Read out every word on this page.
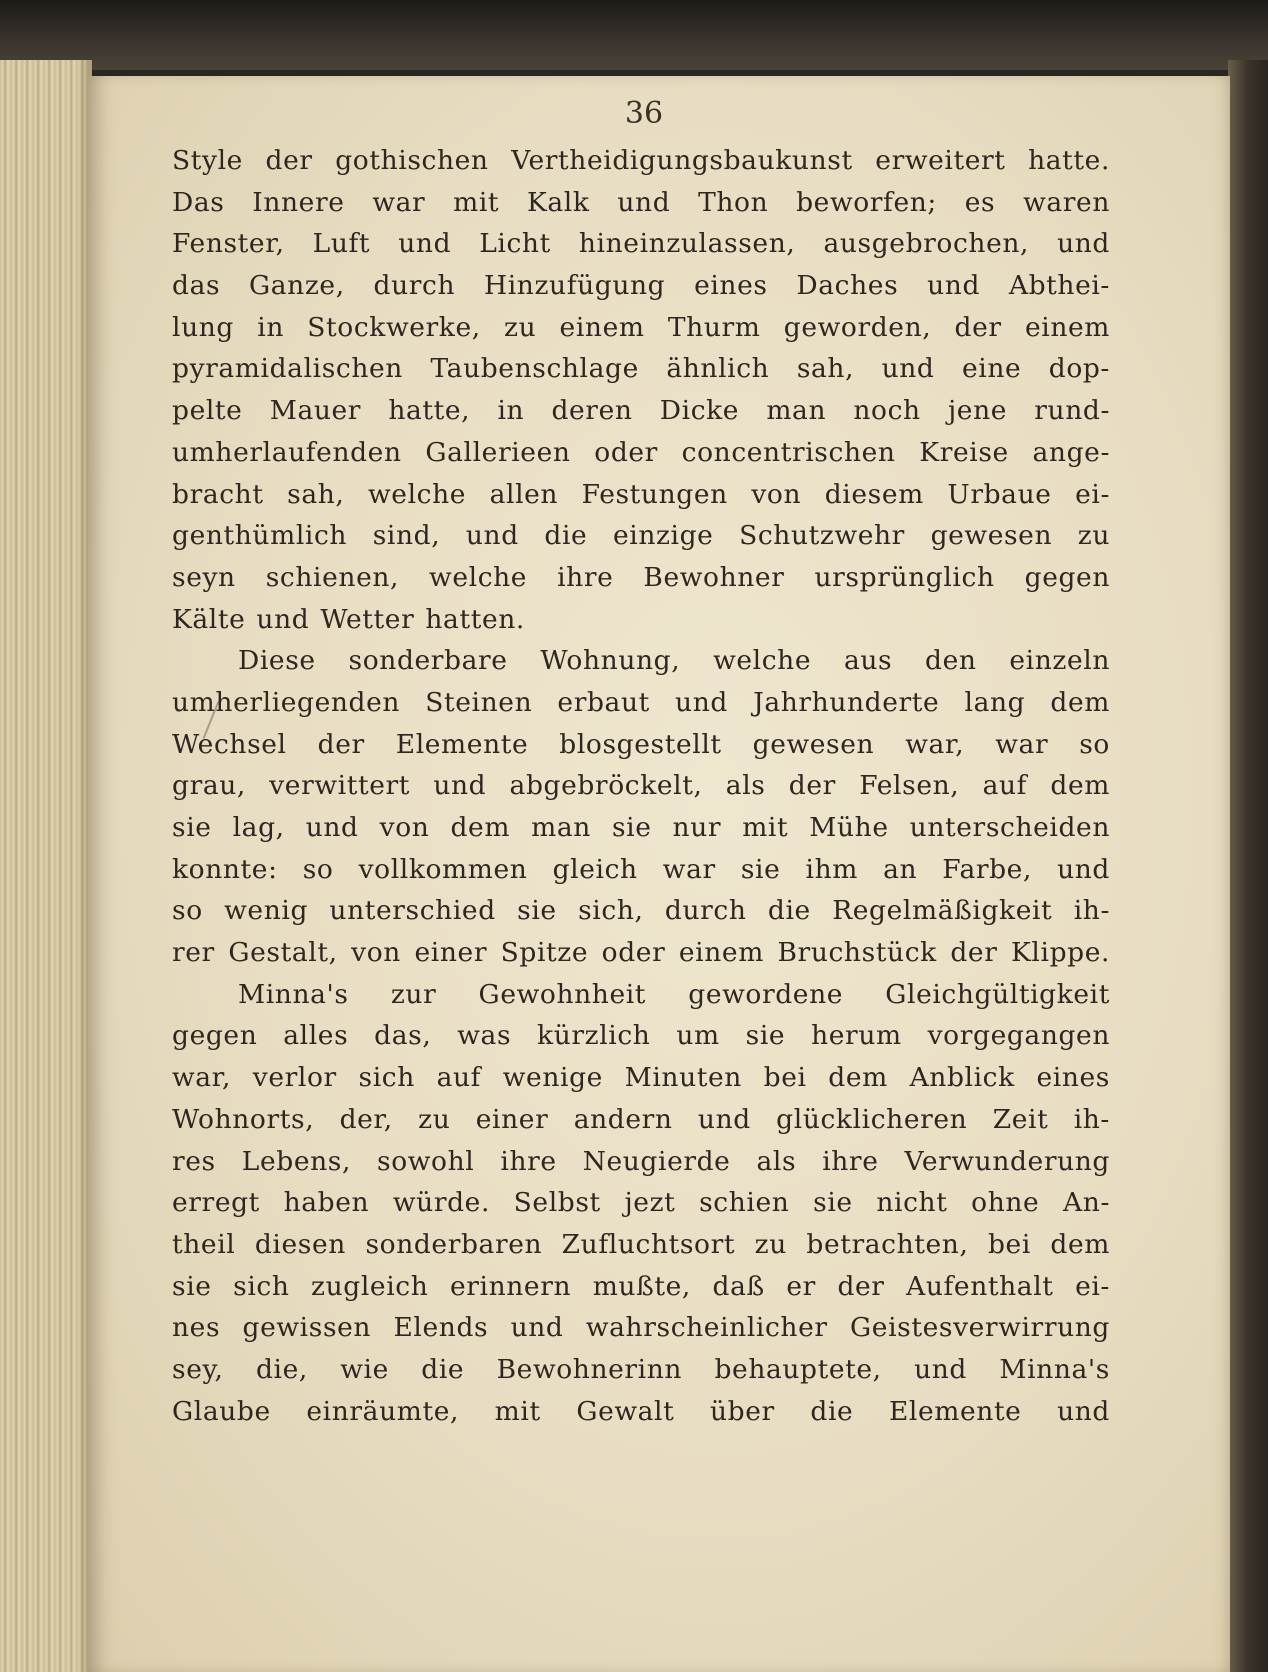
36
Style der gothischen Vertheidigungsbaukunst erweitert hatte.
Das Innere war mit Kalk und Thon beworfen; es waren
Fenster, Luft und Licht hineinzulassen, ausgebrochen, und
das Ganze, durch Hinzufügung eines Daches und Abthei-
lung in Stockwerke, zu einem Thurm geworden, der einem
pyramidalischen Taubenschlage ähnlich sah, und eine dop-
pelte Mauer hatte, in deren Dicke man noch jene rund-
umherlaufenden Gallerieen oder concentrischen Kreise ange-
bracht sah, welche allen Festungen von diesem Urbaue ei-
genthümlich sind, und die einzige Schutzwehr gewesen zu
seyn schienen, welche ihre Bewohner ursprünglich gegen
Kälte und Wetter hatten.
Diese sonderbare Wohnung, welche aus den einzeln
umherliegenden Steinen erbaut und Jahrhunderte lang dem
Wechsel der Elemente blosgestellt gewesen war, war so
grau, verwittert und abgebröckelt, als der Felsen, auf dem
sie lag, und von dem man sie nur mit Mühe unterscheiden
konnte: so vollkommen gleich war sie ihm an Farbe, und
so wenig unterschied sie sich, durch die Regelmäßigkeit ih-
rer Gestalt, von einer Spitze oder einem Bruchstück der Klippe.
Minna's zur Gewohnheit gewordene Gleichgültigkeit
gegen alles das, was kürzlich um sie herum vorgegangen
war, verlor sich auf wenige Minuten bei dem Anblick eines
Wohnorts, der, zu einer andern und glücklicheren Zeit ih-
res Lebens, sowohl ihre Neugierde als ihre Verwunderung
erregt haben würde. Selbst jezt schien sie nicht ohne An-
theil diesen sonderbaren Zufluchtsort zu betrachten, bei dem
sie sich zugleich erinnern mußte, daß er der Aufenthalt ei-
nes gewissen Elends und wahrscheinlicher Geistesverwirrung
sey, die, wie die Bewohnerinn behauptete, und Minna's
Glaube einräumte, mit Gewalt über die Elemente und
